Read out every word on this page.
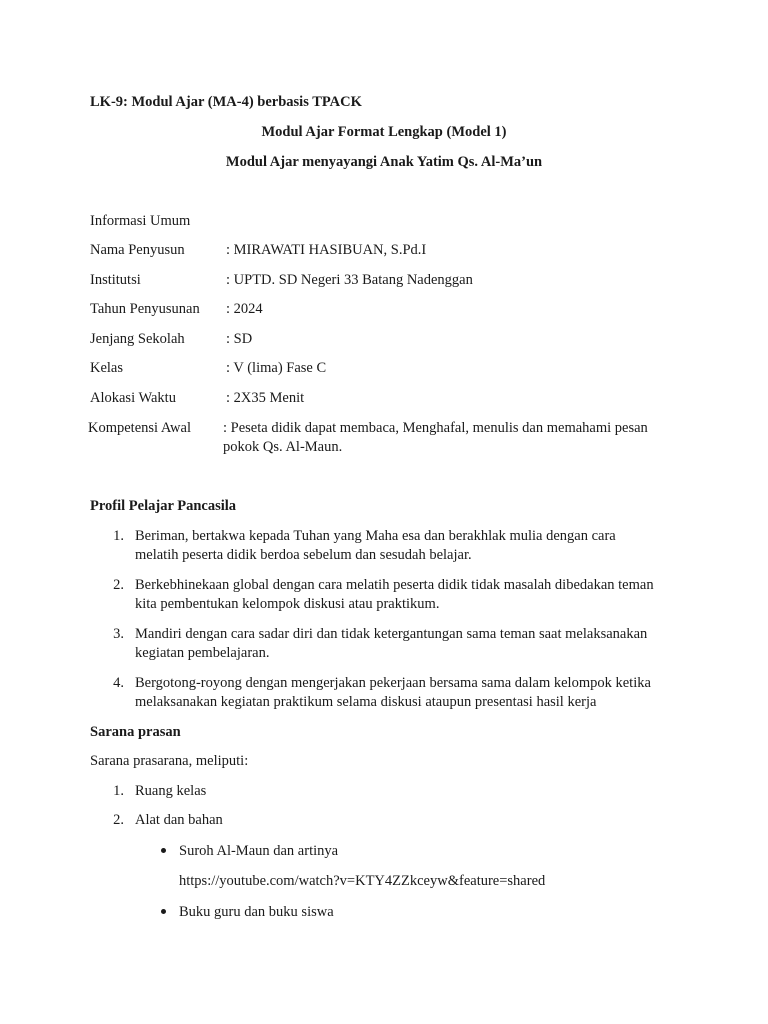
LK-9: Modul Ajar (MA-4) berbasis TPACK
Modul Ajar Format Lengkap (Model 1)
Modul Ajar menyayangi Anak Yatim Qs. Al-Ma’un
Informasi Umum
Nama Penyusun	: MIRAWATI HASIBUAN, S.Pd.I
Institutsi	: UPTD. SD Negeri 33 Batang Nadenggan
Tahun Penyusunan : 2024
Jenjang Sekolah	: SD
Kelas	: V (lima) Fase C
Alokasi Waktu	: 2X35 Menit
Kompetensi Awal : Peseta didik dapat membaca, Menghafal, menulis dan memahami pesan
pokok Qs. Al-Maun.
Profil Pelajar Pancasila
1. Beriman, bertakwa kepada Tuhan yang Maha esa dan berakhlak mulia dengan cara
melatih peserta didik berdoa sebelum dan sesudah belajar.
2. Berkebhinekaan global dengan cara melatih peserta didik tidak masalah dibedakan teman
kita pembentukan kelompok diskusi atau praktikum.
3. Mandiri dengan cara sadar diri dan tidak ketergantungan sama teman saat melaksanakan
kegiatan pembelajaran.
4. Bergotong-royong dengan mengerjakan pekerjaan bersama sama dalam kelompok ketika
melaksanakan kegiatan praktikum selama diskusi ataupun presentasi hasil kerja
Sarana prasan
Sarana prasarana, meliputi:
1. Ruang kelas
2. Alat dan bahan
Suroh Al-Maun dan artinya
https://youtube.com/watch?v=KTY4ZZkceyw&feature=shared
Buku guru dan buku siswa
